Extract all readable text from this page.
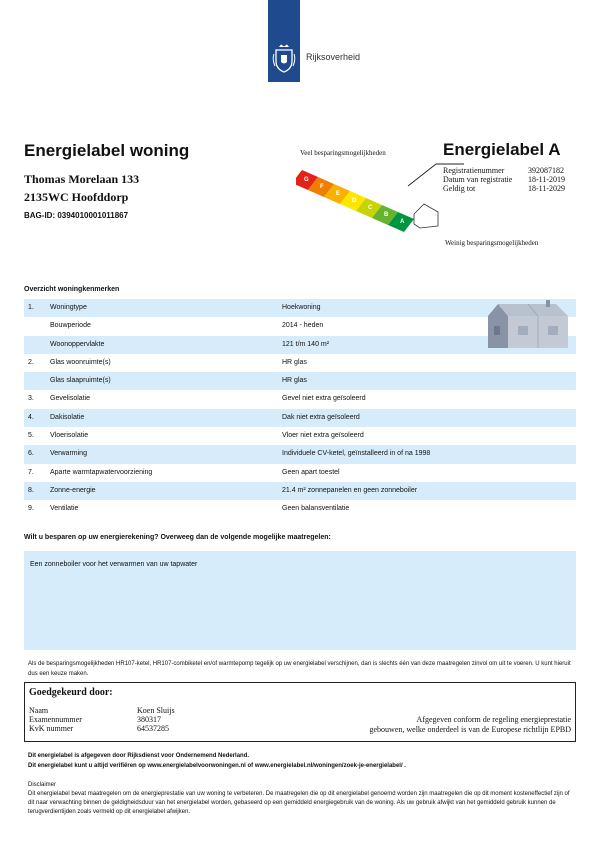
Rijksoverheid
Energielabel woning
Thomas Morelaan 133
2135WC Hoofddorp
BAG-ID: 0394010001011867
Veel besparingsmogelijkheden
G
F
E
D
C
B
A
Weinig besparingsmogelijkheden
Energielabel A
Registratienummer	392087182
Datum van registratie 18-11-2019
Geldig tot	18-11-2029
Overzicht woningkenmerken
1. Woningtype	Hoekwoning
Bouwperiode	2014 - heden
Woonoppervlakte	121 t/m 140 m²
2. Glas woonruimte(s)	HR glas
Glas slaapruimte(s)	HR glas
3. Gevelisolatie	Gevel niet extra geïsoleerd
4. Dakisolatie	Dak niet extra geïsoleerd
5. Vloerisolatie	Vloer niet extra geïsoleerd
6. Verwarming	Individuele CV-ketel, geïnstalleerd in of na 1998
7. Aparte warmtapwatervoorziening	Geen apart toestel
8. Zonne-energie	21.4 m² zonnepanelen en geen zonneboiler
9. Ventilatie	Geen balansventilatie
Wilt u besparen op uw energierekening? Overweeg dan de volgende mogelijke maatregelen:
Een zonneboiler voor het verwarmen van uw tapwater
Als de besparingsmogelijkheden HR107-ketel, HR107-combiketel en/of warmtepomp tegelijk op uw energielabel verschijnen, dan is slechts één van deze maatregelen zinvol om uit te voeren. U kunt hieruit dus een keuze maken.
Goedgekeurd door:
Naam	Koen Sluijs
Examennummer	380317
KvK nummer	64537285
Afgegeven conform de regeling energieprestatie
gebouwen, welke onderdeel is van de Europese richtlijn EPBD
Dit energielabel is afgegeven door Rijksdienst voor Ondernemend Nederland.
Dit energielabel kunt u altijd verifiëren op www.energielabelvoorwoningen.nl of www.energielabel.nl/woningen/zoek-je-energielabel/ .
Disclaimer
Dit energielabel bevat maatregelen om de energieprestatie van uw woning te verbeteren. De maatregelen die op dit energielabel genoemd worden zijn maatregelen die op dit moment kosteneffectief zijn of dit naar verwachting binnen de geldigheidsduur van het energielabel worden, gebaseerd op een gemiddeld energiegebruik van de woning. Als uw gebruik afwijkt van het gemiddeld gebruik kunnen de terugverdientijden zoals vermeld op dit energielabel afwijken.
